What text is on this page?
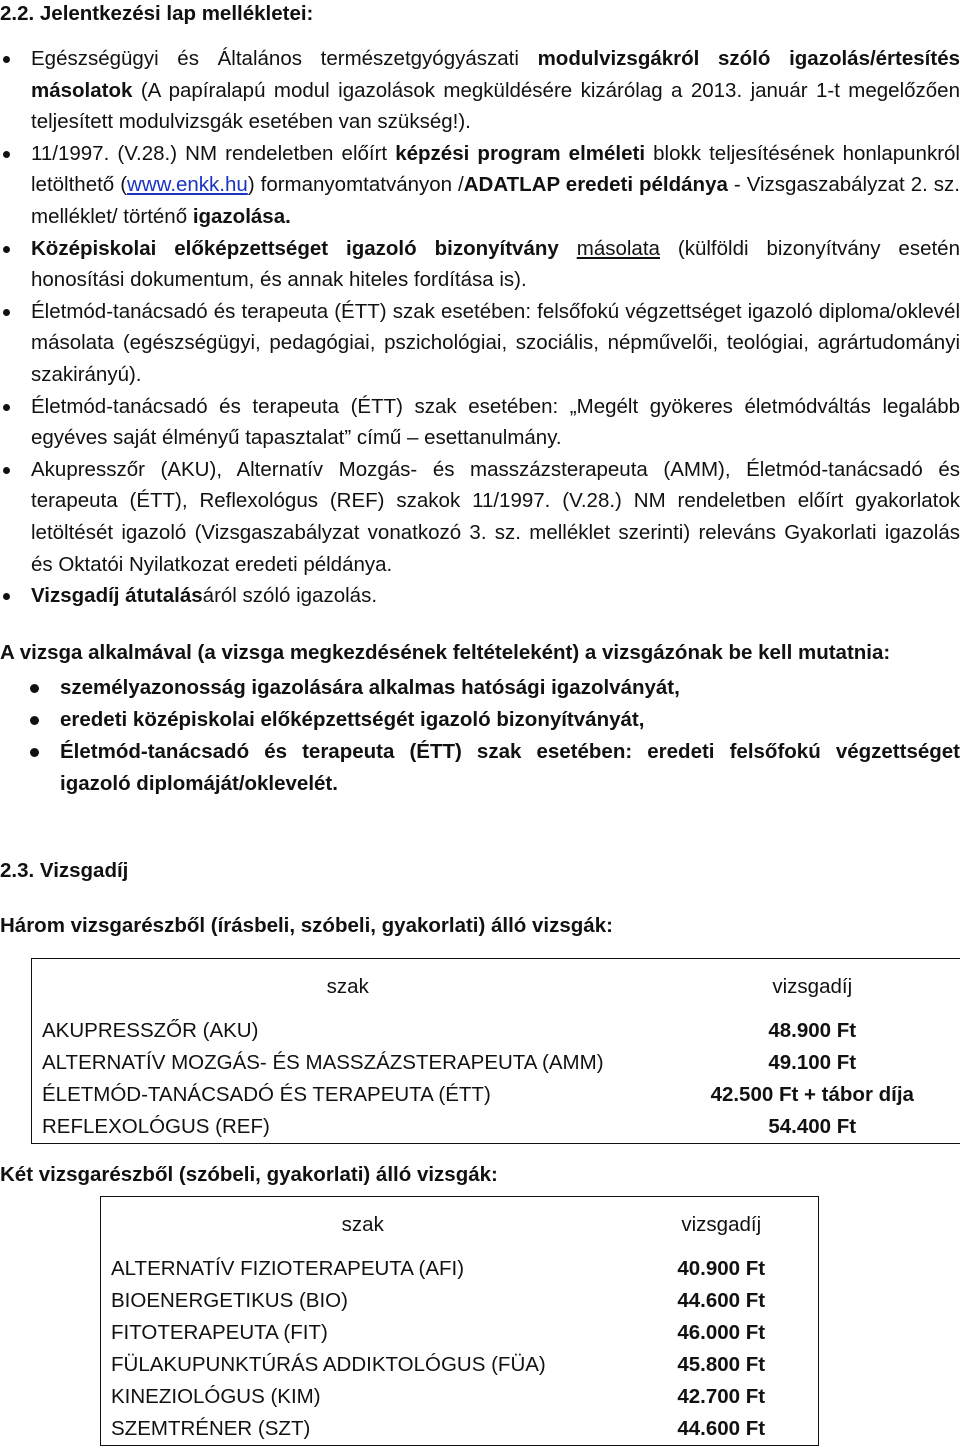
2.2. Jelentkezési lap mellékletei:
Egészségügyi és Általános természetgyógyászati modulvizsgákról szóló igazolás/értesítés másolatok (A papíralapú modul igazolások megküldésére kizárólag a 2013. január 1-t megelőzően teljesített modulvizsgák esetében van szükség!).
11/1997. (V.28.) NM rendeletben előírt képzési program elméleti blokk teljesítésének honlapunkról letölthető (www.enkk.hu) formanyomtatványon /ADATLAP eredeti példánya - Vizsgaszabályzat 2. sz. melléklet/ történő igazolása.
Középiskolai előképzettséget igazoló bizonyítvány másolata (külföldi bizonyítvány esetén honosítási dokumentum, és annak hiteles fordítása is).
Életmód-tanácsadó és terapeuta (ÉTT) szak esetében: felsőfokú végzettséget igazoló diploma/oklevél másolata (egészségügyi, pedagógiai, pszichológiai, szociális, népművelői, teológiai, agrártudományi szakirányú).
Életmód-tanácsadó és terapeuta (ÉTT) szak esetében: „Megélt gyökeres életmódváltás legalább egyéves saját élményű tapasztalat” című – esettanulmány.
Akupresszőr (AKU), Alternatív Mozgás- és masszázsterapeuta (AMM), Életmód-tanácsadó és terapeuta (ÉTT), Reflexológus (REF) szakok 11/1997. (V.28.) NM rendeletben előírt gyakorlatok letöltését igazoló (Vizsgaszabályzat vonatkozó 3. sz. melléklet szerinti) releváns Gyakorlati igazolás és Oktatói Nyilatkozat eredeti példánya.
Vizsgadíj átutalásáról szóló igazolás.
A vizsga alkalmával (a vizsga megkezdésének feltételeként) a vizsgázónak be kell mutatnia:
személyazonosság igazolására alkalmas hatósági igazolványát,
eredeti középiskolai előképzettségét igazoló bizonyítványát,
Életmód-tanácsadó és terapeuta (ÉTT) szak esetében: eredeti felsőfokú végzettséget igazoló diplomáját/oklevelét.
2.3. Vizsgadíj
Három vizsgarészből (írásbeli, szóbeli, gyakorlati) álló vizsgák:
szak	vizsgadíj
AKUPRESSZŐR (AKU)	48.900 Ft
ALTERNATÍV MOZGÁS- ÉS MASSZÁZSTERAPEUTA (AMM)	49.100 Ft
ÉLETMÓD-TANÁCSADÓ ÉS TERAPEUTA (ÉTT)	42.500 Ft + tábor díja
REFLEXOLÓGUS (REF)	54.400 Ft
Két vizsgarészből (szóbeli, gyakorlati) álló vizsgák:
szak	vizsgadíj
ALTERNATÍV FIZIOTERAPEUTA (AFI)	40.900 Ft
BIOENERGETIKUS (BIO)	44.600 Ft
FITOTERAPEUTA (FIT)	46.000 Ft
FÜLAKUPUNKTÚRÁS ADDIKTOLÓGUS (FÜA)	45.800 Ft
KINEZIOLÓGUS (KIM)	42.700 Ft
SZEMTRÉNER (SZT)	44.600 Ft
